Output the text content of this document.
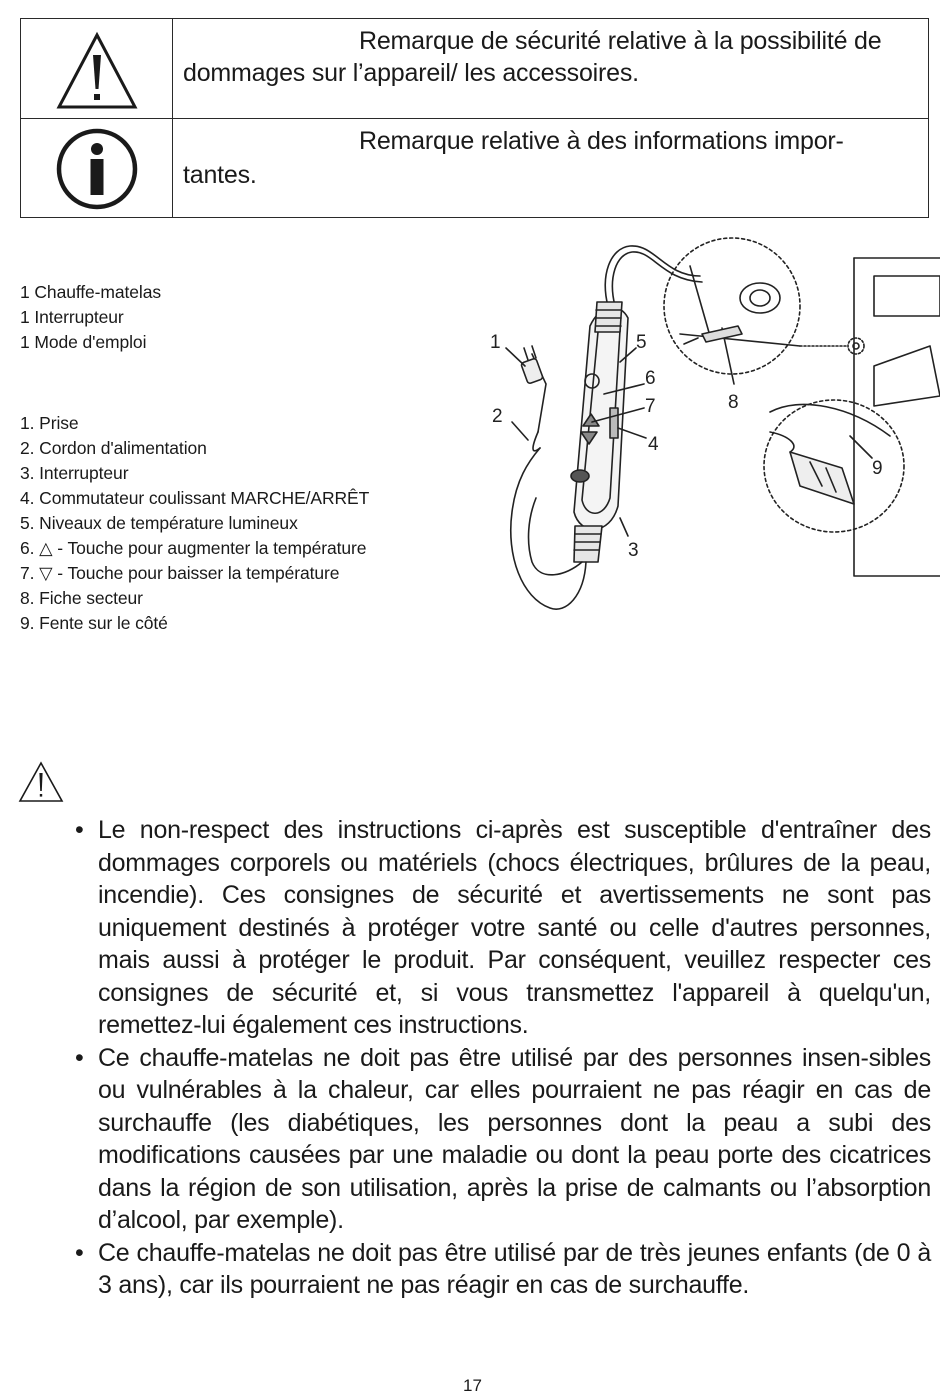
Remarque de sécurité relative à la possibilité de dommages sur l’appareil/ les accessoires.
Remarque relative à des informations impor-tantes.
1 Chauffe-matelas
1 Interrupteur
1 Mode d'emploi
1. Prise
2. Cordon d'alimentation
3. Interrupteur
4. Commutateur coulissant MARCHE/ARRÊT
5. Niveaux de température lumineux
6. △ - Touche pour augmenter la température
7. ▽ - Touche pour baisser la température
8. Fiche secteur
9. Fente sur le côté
1
2
3
4
5
6
7	8
9
• Le non-respect des instructions ci-après est susceptible d'entraîner des dommages corporels ou matériels (chocs électriques, brûlures de la peau, incendie). Ces consignes de sécurité et avertissements ne sont pas uniquement destinés à protéger votre santé ou celle d'autres personnes, mais aussi à protéger le produit. Par conséquent, veuillez respecter ces consignes de sécurité et, si vous transmettez l'appareil à quelqu'un, remettez-lui également ces instructions.
• Ce chauffe-matelas ne doit pas être utilisé par des personnes insen-sibles ou vulnérables à la chaleur, car elles pourraient ne pas réagir en cas de surchauffe (les diabétiques, les personnes dont la peau a subi des modifications causées par une maladie ou dont la peau porte des cicatrices dans la région de son utilisation, après la prise de calmants ou l’absorption d’alcool, par exemple).
• Ce chauffe-matelas ne doit pas être utilisé par de très jeunes enfants (de 0 à 3 ans), car ils pourraient ne pas réagir en cas de surchauffe.
17
